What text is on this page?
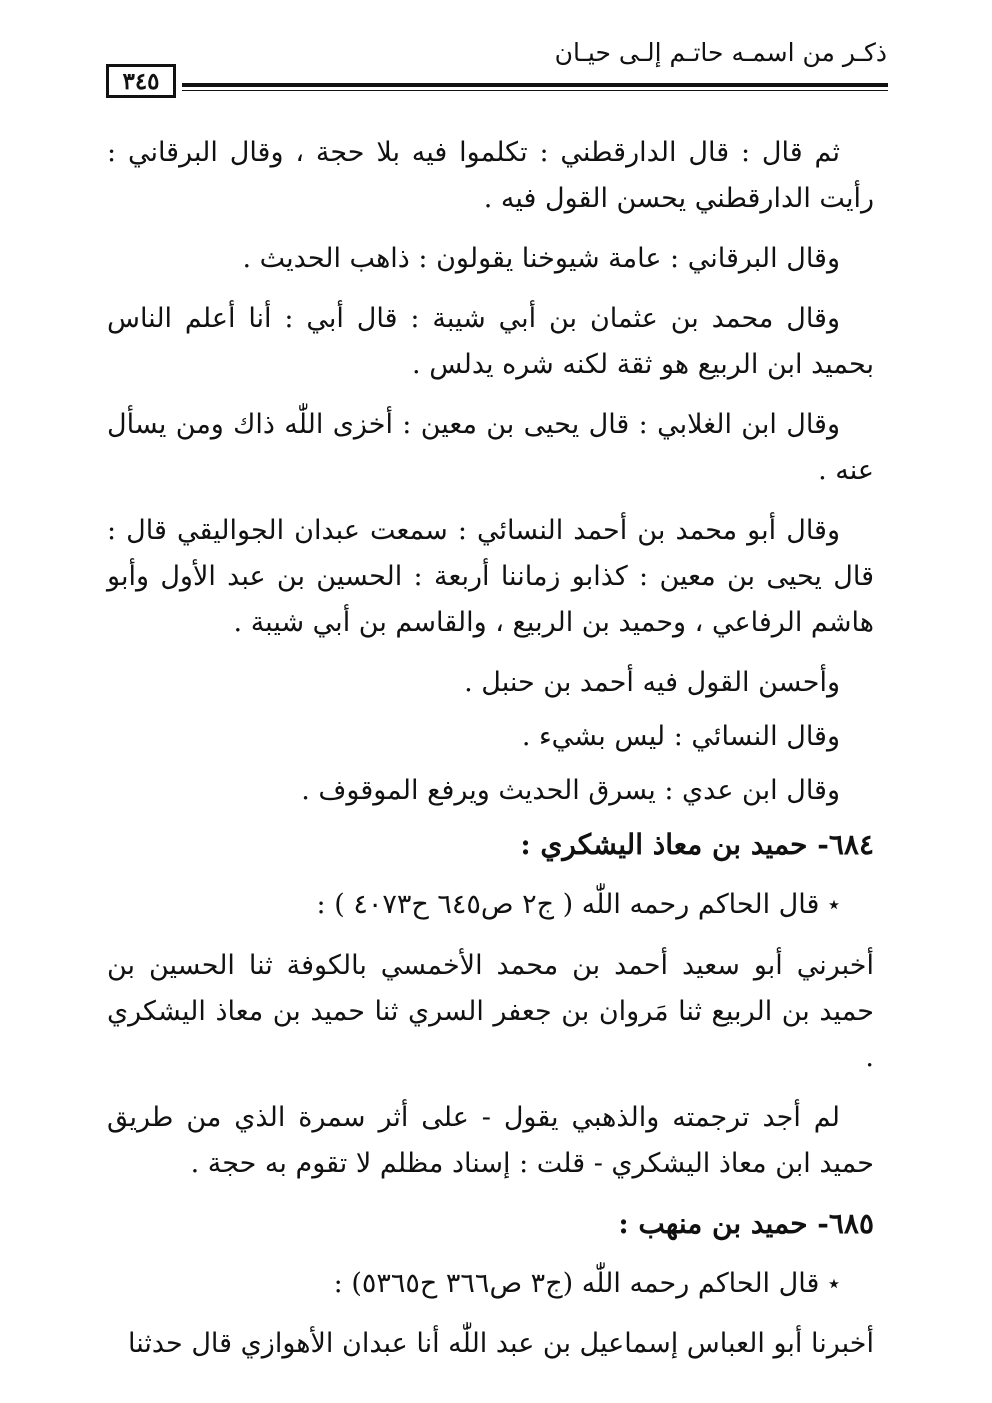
ذكـر من اسمـه حاتـم إلـى حيـان
٣٤٥

ثم قال : قال الدارقطني : تكلموا فيه بلا حجة ، وقال البرقاني : رأيت الدارقطني يحسن القول فيه .

وقال البرقاني : عامة شيوخنا يقولون : ذاهب الحديث .

وقال محمد بن عثمان بن أبي شيبة : قال أبي : أنا أعلم الناس بحميد ابن الربيع هو ثقة لكنه شره يدلس .

وقال ابن الغلابي : قال يحيى بن معين : أخزى اللّٰه ذاك ومن يسأل عنه .

وقال أبو محمد بن أحمد النسائي : سمعت عبدان الجواليقي قال : قال يحيى بن معين : كذابو زماننا أربعة : الحسين بن عبد الأول وأبو هاشم الرفاعي ، وحميد بن الربيع ، والقاسم بن أبي شيبة .

وأحسن القول فيه أحمد بن حنبل .

وقال النسائي : ليس بشيء .

وقال ابن عدي : يسرق الحديث ويرفع الموقوف .

٦٨٤- حميد بن معاذ اليشكري :

٭ قال الحاكم رحمه اللّٰه ( ج٢ ص٦٤٥ ح٤٠٧٣ ) :

أخبرني أبو سعيد أحمد بن محمد الأخمسي بالكوفة ثنا الحسين بن حميد بن الربيع ثنا مَروان بن جعفر السري ثنا حميد بن معاذ اليشكري .

لم أجد ترجمته والذهبي يقول - على أثر سمرة الذي من طريق حميد ابن معاذ اليشكري - قلت : إسناد مظلم لا تقوم به حجة .

٦٨٥- حميد بن منهب :

٭ قال الحاكم رحمه اللّٰه (ج٣ ص٣٦٦ ح٥٣٦٥) :

أخبرنا أبو العباس إسماعيل بن عبد اللّٰه أنا عبدان الأهوازي قال حدثنا
